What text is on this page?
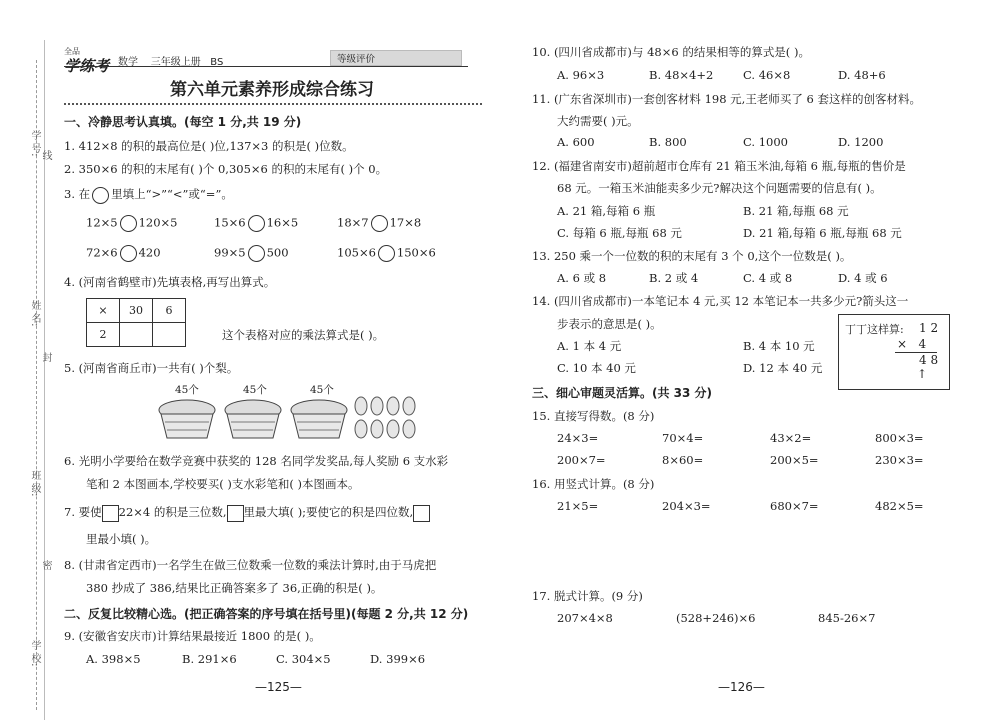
学 号: 线
姓 名:
封
班 级:
密
学 校:
全品
学练考 数学 三年级上册 BS	等级评价
第六单元素养形成综合练习
一、冷静思考认真填。(每空 1 分,共 19 分)
1. 412×8 的积的最高位是( )位,137×3 的积是( )位数。
2. 350×6 的积的末尾有( )个 0,305×6 的积的末尾有( )个 0。
3. 在 里填上“>”“<”或“=”。
12×5 120×5	15×6 16×5	18×7 17×8
72×6 420	99×5 500	105×6 150×6
4. (河南省鹤壁市)先填表格,再写出算式。
×	30	6
2			这个表格对应的乘法算式是( )。
5. (河南省商丘市)一共有( )个梨。
45个	45个	45个
6. 光明小学要给在数学竞赛中获奖的 128 名同学发奖品,每人奖励 6 支水彩
笔和 2 本图画本,学校要买( )支水彩笔和( )本图画本。
7. 要使 22×4 的积是三位数, 里最大填( );要使它的积是四位数,
里最小填( )。
8. (甘肃省定西市)一名学生在做三位数乘一位数的乘法计算时,由于马虎把
380 抄成了 386,结果比正确答案多了 36,正确的积是( )。
二、反复比较精心选。(把正确答案的序号填在括号里)(每题 2 分,共 12 分)
9. (安徽省安庆市)计算结果最接近 1800 的是( )。
A. 398×5	B. 291×6	C. 304×5	D. 399×6
—125—
10. (四川省成都市)与 48×6 的结果相等的算式是( )。
A. 96×3	B. 48×4+2	C. 46×8	D. 48+6
11. (广东省深圳市)一套创客材料 198 元,王老师买了 6 套这样的创客材料。
大约需要( )元。
A. 600	B. 800	C. 1000	D. 1200
12. (福建省南安市)超前超市仓库有 21 箱玉米油,每箱 6 瓶,每瓶的售价是
68 元。一箱玉米油能卖多少元?解决这个问题需要的信息有( )。
A. 21 箱,每箱 6 瓶	B. 21 箱,每瓶 68 元
C. 每箱 6 瓶,每瓶 68 元	D. 21 箱,每箱 6 瓶,每瓶 68 元
13. 250 乘一个一位数的积的末尾有 3 个 0,这个一位数是( )。
A. 6 或 8	B. 2 或 4	C. 4 或 8	D. 4 或 6
14. (四川省成都市)一本笔记本 4 元,买 12 本笔记本一共多少元?箭头这一
步表示的意思是( )。
A. 1 本 4 元	B. 4 本 10 元
C. 10 本 40 元	D. 12 本 40 元
丁丁这样算: 1 2
×   4
4 8
↑
三、细心审题灵活算。(共 33 分)
15. 直接写得数。(8 分)
24×3=	70×4=	43×2=	800×3=
200×7=	8×60=	200×5=	230×3=
16. 用竖式计算。(8 分)
21×5=	204×3=	680×7=	482×5=
17. 脱式计算。(9 分)
207×4×8	(528+246)×6	845-26×7
—126—
